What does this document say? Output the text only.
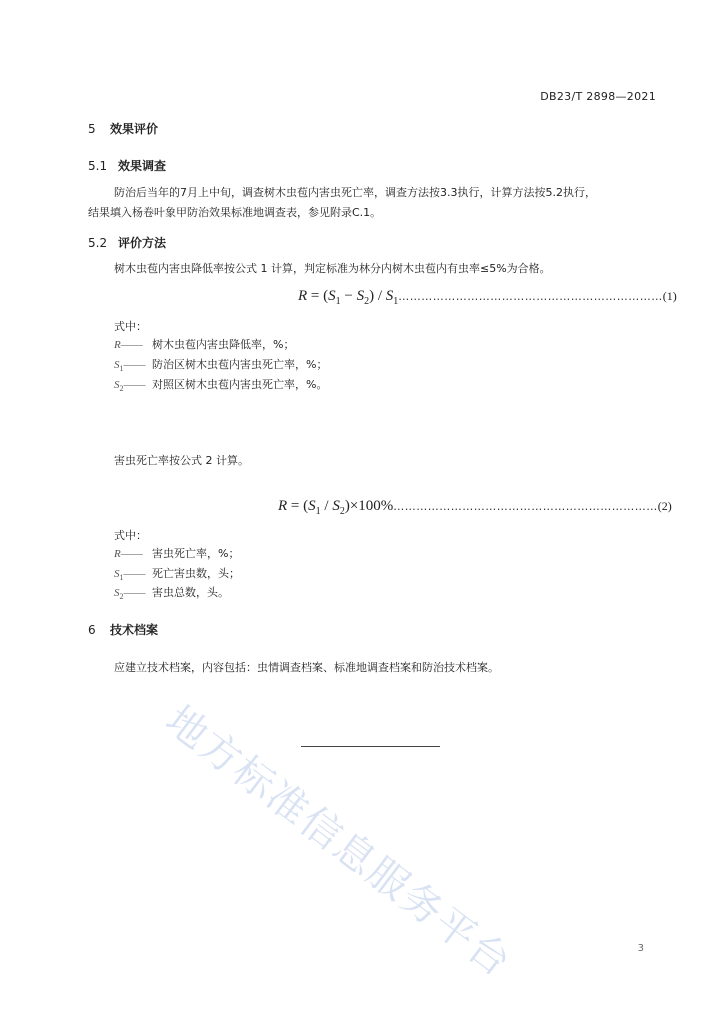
DB23/T 2898—2021
5 效果评价
5.1 效果调查
防治后当年的7月上中旬，调查树木虫苞内害虫死亡率，调查方法按3.3执行，计算方法按5.2执行，
结果填入杨卷叶象甲防治效果标准地调查表，参见附录C.1。
5.2 评价方法
树木虫苞内害虫降低率按公式 1 计算，判定标准为林分内树木虫苞内有虫率≤5%为合格。
$R = (S_1 - S_2)$ / $S_1\dots\dots\dots\dots\dots\dots\dots\dots\dots\dots\dots\dots\dots\dots\dots\dots\dots\dots\dots\dots\dots\dots\dots(1)$
式中：
R—— 树木虫苞内害虫降低率，%；
$S_1——$ 防治区树木虫苞内害虫死亡率，%；
$S_2——$ 对照区树木虫苞内害虫死亡率，%。
害虫死亡率按公式 2 计算。
$R = (S_1$ / $S_2)\times 100\%\dots\dots\dots\dots\dots\dots\dots\dots\dots\dots\dots\dots\dots\dots\dots\dots\dots\dots\dots\dots\dots\dots\dots(2)$
式中：
R—— 害虫死亡率，%；
$S_1——$ 死亡害虫数，头；
$S_2——$ 害虫总数，头。
6 技术档案
应建立技术档案，内容包括：虫情调查档案、标准地调查档案和防治技术档案。
地方标准信息服务平台	3
